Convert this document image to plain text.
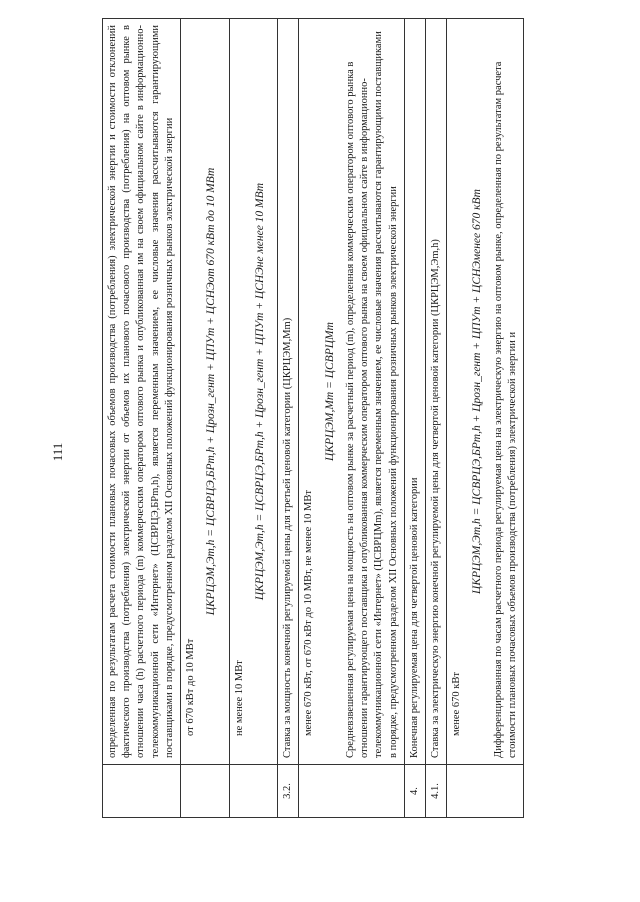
111
		определенная по результатам расчета стоимости плановых почасовых объемов производства (потребления) электрической энергии и стоимости отклонений фактического производства (потребления) электрической энергии от объемов их планового почасового производства (потребления) на оптовом рынке в отношении часа (h) расчетного периода (m) коммерческим оператором оптового рынка и опубликованная им на своем официальном сайте в информационно-телекоммуникационной сети «Интернет» (ЦСВРЦЭ,БРm,h), является переменным значением, ее числовые значения рассчитываются гарантирующими поставщиками в порядке, предусмотренном разделом XII Основных положений функционирования розничных рынков электрической энергии

	от 670 кВт до 10 МВт
ЦКРЦЭМ,Эm,h = ЦСВРЦЭ,БРm,h + Црозн_генm + ЦПУm + ЦСНЭот 670 кВт до 10 МВт

	не менее 10 МВт
ЦКРЦЭМ,Эm,h = ЦСВРЦЭ,БРm,h + Црозн_генm + ЦПУm + ЦСНЭне менее 10 МВт

3.2.	Ставка за мощность конечной регулируемой цены для третьей ценовой категории (ЦКРЦЭМ,Мm)

	менее 670 кВт, от 670 кВт до 10 МВт, не менее 10 МВт
ЦКРЦЭМ,Мm = ЦСВРЦМm Средневзвешенная регулируемая цена на мощность на оптовом рынке за расчетный период (m), определенная коммерческим оператором оптового рынка в отношении гарантирующего поставщика и опубликованная коммерческим оператором оптового рынка на своем официальном сайте в информационно-телекоммуникационной сети «Интернет» (ЦСВРЦМm), является переменным значением, ее числовые значения рассчитываются гарантирующими поставщиками в порядке, предусмотренном разделом XII Основных положений функционирования розничных рынков электрической энергии

4.	Конечная регулируемая цена для четвертой ценовой категории
4.1.	Ставка за электрическую энергию конечной регулируемой цены для четвертой ценовой категории (ЦКРЦЭМ,Эm,h)

	менее 670 кВт
ЦКРЦЭМ,Эm,h = ЦСВРЦЭ,БРm,h + Црозн_генm + ЦПУm + ЦСНЭменее 670 кВт Дифференцированная по часам расчетного периода регулируемая цена на электрическую энергию на оптовом рынке, определенная по результатам расчета стоимости плановых почасовых объемов производства (потребления) электрической энергии и
